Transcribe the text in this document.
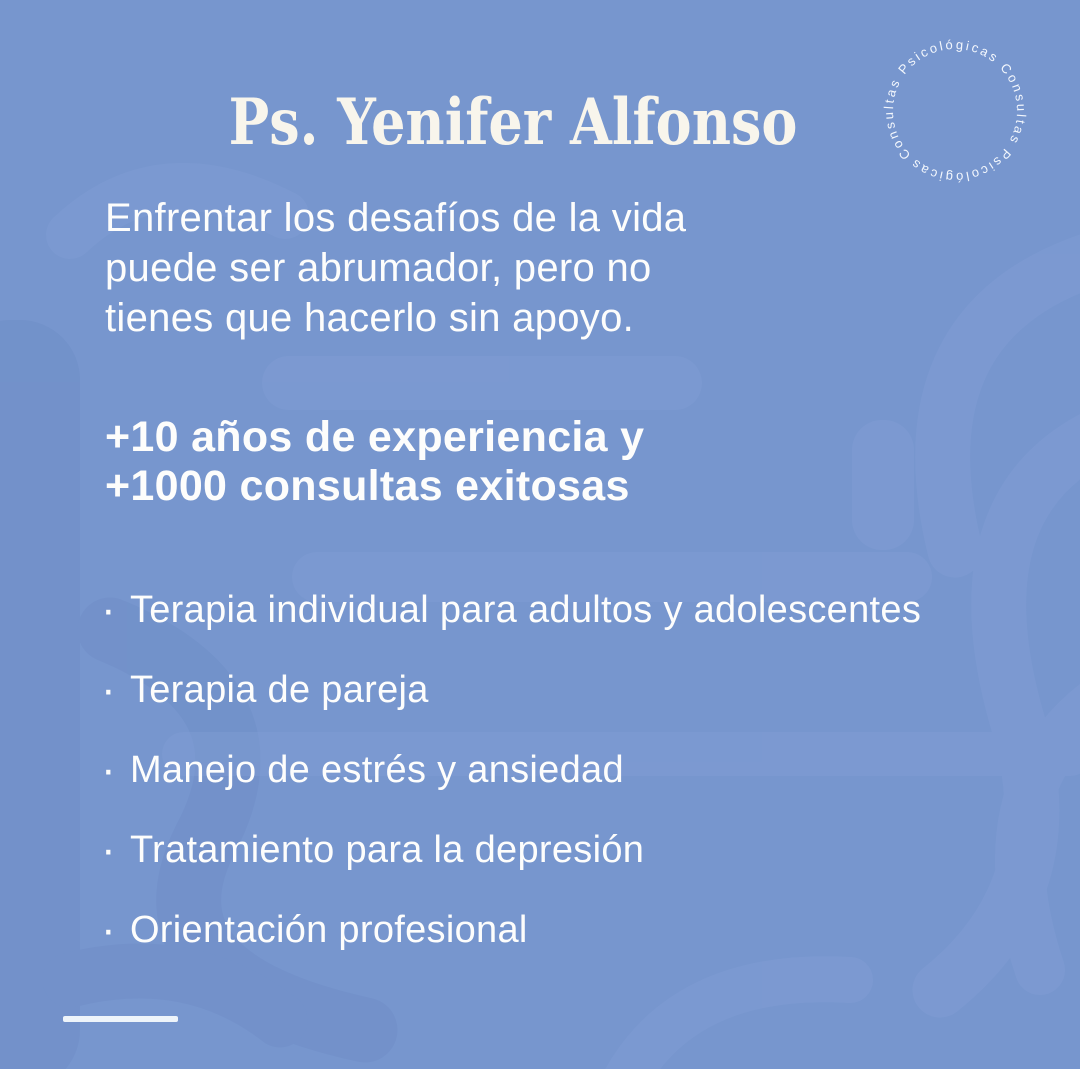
Ps. Yenifer Alfonso	Consultas Psicológicas Consultas Psicológicas
Enfrentar los desafíos de la vida
puede ser abrumador, pero no
tienes que hacerlo sin apoyo.
+10 años de experiencia y
+1000 consultas exitosas
· Terapia individual para adultos y adolescentes
· Terapia de pareja
· Manejo de estrés y ansiedad
· Tratamiento para la depresión
· Orientación profesional
